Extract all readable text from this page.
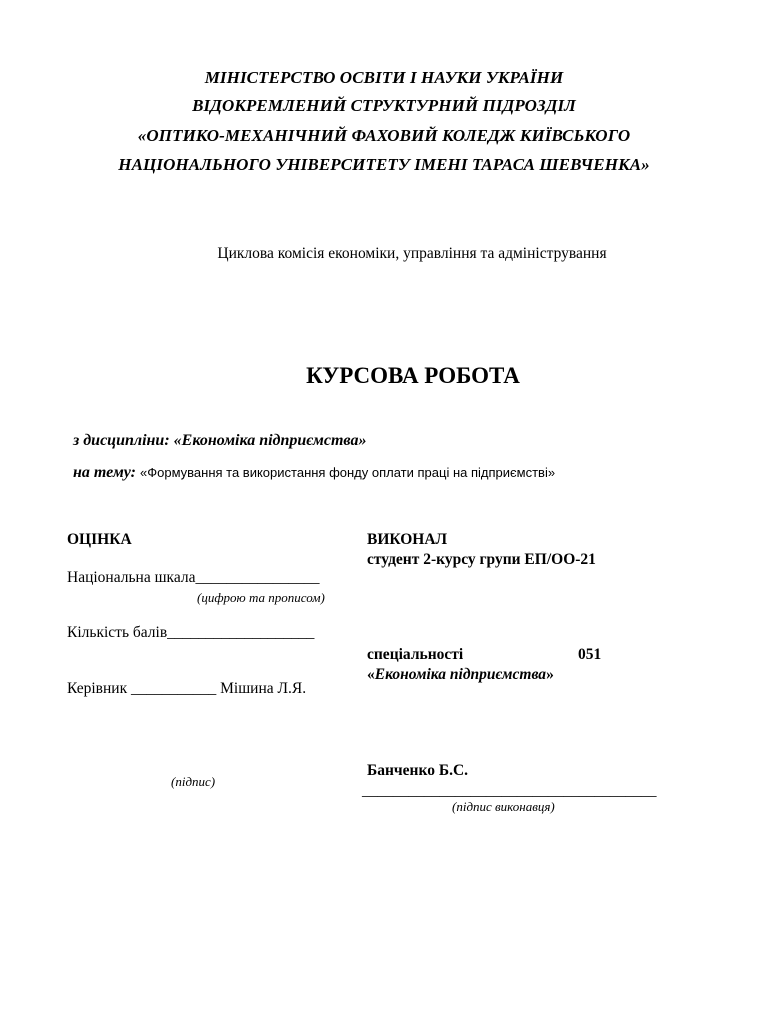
МІНІСТЕРСТВО ОСВІТИ І НАУКИ УКРАЇНИ
ВІДОКРЕМЛЕНИЙ СТРУКТУРНИЙ ПІДРОЗДІЛ
«ОПТИКО-МЕХАНІЧНИЙ ФАХОВИЙ КОЛЕДЖ КИЇВСЬКОГО
НАЦІОНАЛЬНОГО УНІВЕРСИТЕТУ ІМЕНІ ТАРАСА ШЕВЧЕНКА»
Циклова комісія економіки, управління та адміністрування
КУРСОВА РОБОТА
з дисципліни: «Економіка підприємства»
на тему: «Формування та використання фонду оплати праці на підприємстві»
ОЦІНКА
Національна шкала________________
(цифрою та прописом)
Кількість балів___________________
Керівник ___________ Мішина Л.Я.
(підпис)
ВИКОНАЛ
студент 2-курсу групи ЕП/ОО-21
спеціальності	051
«Економіка підприємства»
Банченко Б.С.
______________________________________
(підпис виконавця)
